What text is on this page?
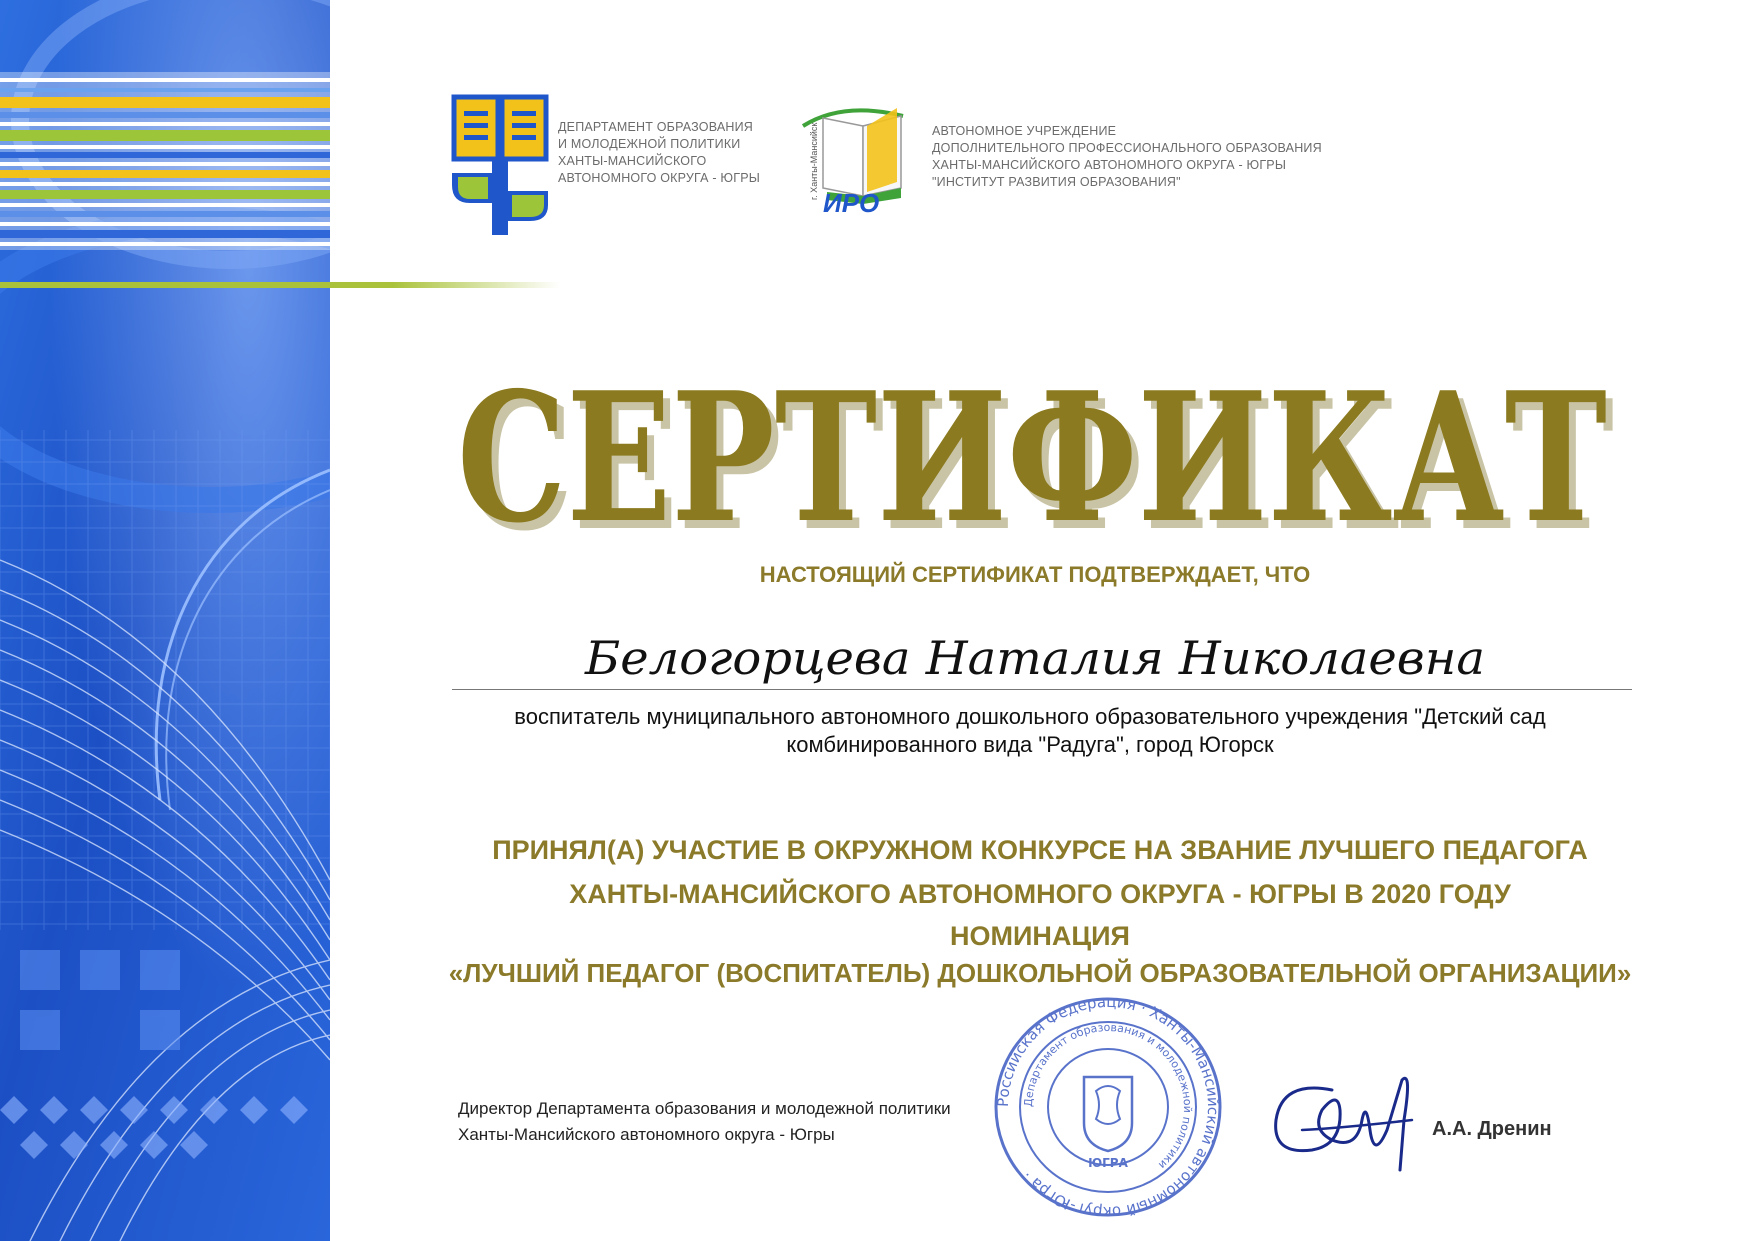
ДЕПАРТАМЕНТ ОБРАЗОВАНИЯ
И МОЛОДЕЖНОЙ ПОЛИТИКИ
ХАНТЫ-МАНСИЙСКОГО
АВТОНОМНОГО ОКРУГА - ЮГРЫ

ИРО
г. Ханты-Мансийск	АВТОНОМНОЕ УЧРЕЖДЕНИЕ
ДОПОЛНИТЕЛЬНОГО ПРОФЕССИОНАЛЬНОГО ОБРАЗОВАНИЯ
ХАНТЫ-МАНСИЙСКОГО АВТОНОМНОГО ОКРУГА - ЮГРЫ
"ИНСТИТУТ РАЗВИТИЯ ОБРАЗОВАНИЯ"

СЕРТИФИКАТ
СЕРТИФИКАТ

НАСТОЯЩИЙ СЕРТИФИКАТ ПОДТВЕРЖДАЕТ, ЧТО

Белогорцева Наталия Николаевна

воспитатель муниципального автономного дошкольного образовательного учреждения "Детский сад
комбинированного вида "Радуга", город Югорск

ПРИНЯЛ(А) УЧАСТИЕ В ОКРУЖНОМ КОНКУРСЕ НА ЗВАНИЕ ЛУЧШЕГО ПЕДАГОГА
ХАНТЫ-МАНСИЙСКОГО АВТОНОМНОГО ОКРУГА - ЮГРЫ В 2020 ГОДУ
НОМИНАЦИЯ
«ЛУЧШИЙ ПЕДАГОГ (ВОСПИТАТЕЛЬ) ДОШКОЛЬНОЙ ОБРАЗОВАТЕЛЬНОЙ ОРГАНИЗАЦИИ»

Директор Департамента образования и молодежной политики
Ханты-Мансийского автономного округа - Югры

Российская Федерация · Ханты-Мансийский автономный округ-Югра ·
Департамент образования и молодежной политики
ЮГРА

А.А. Дренин
